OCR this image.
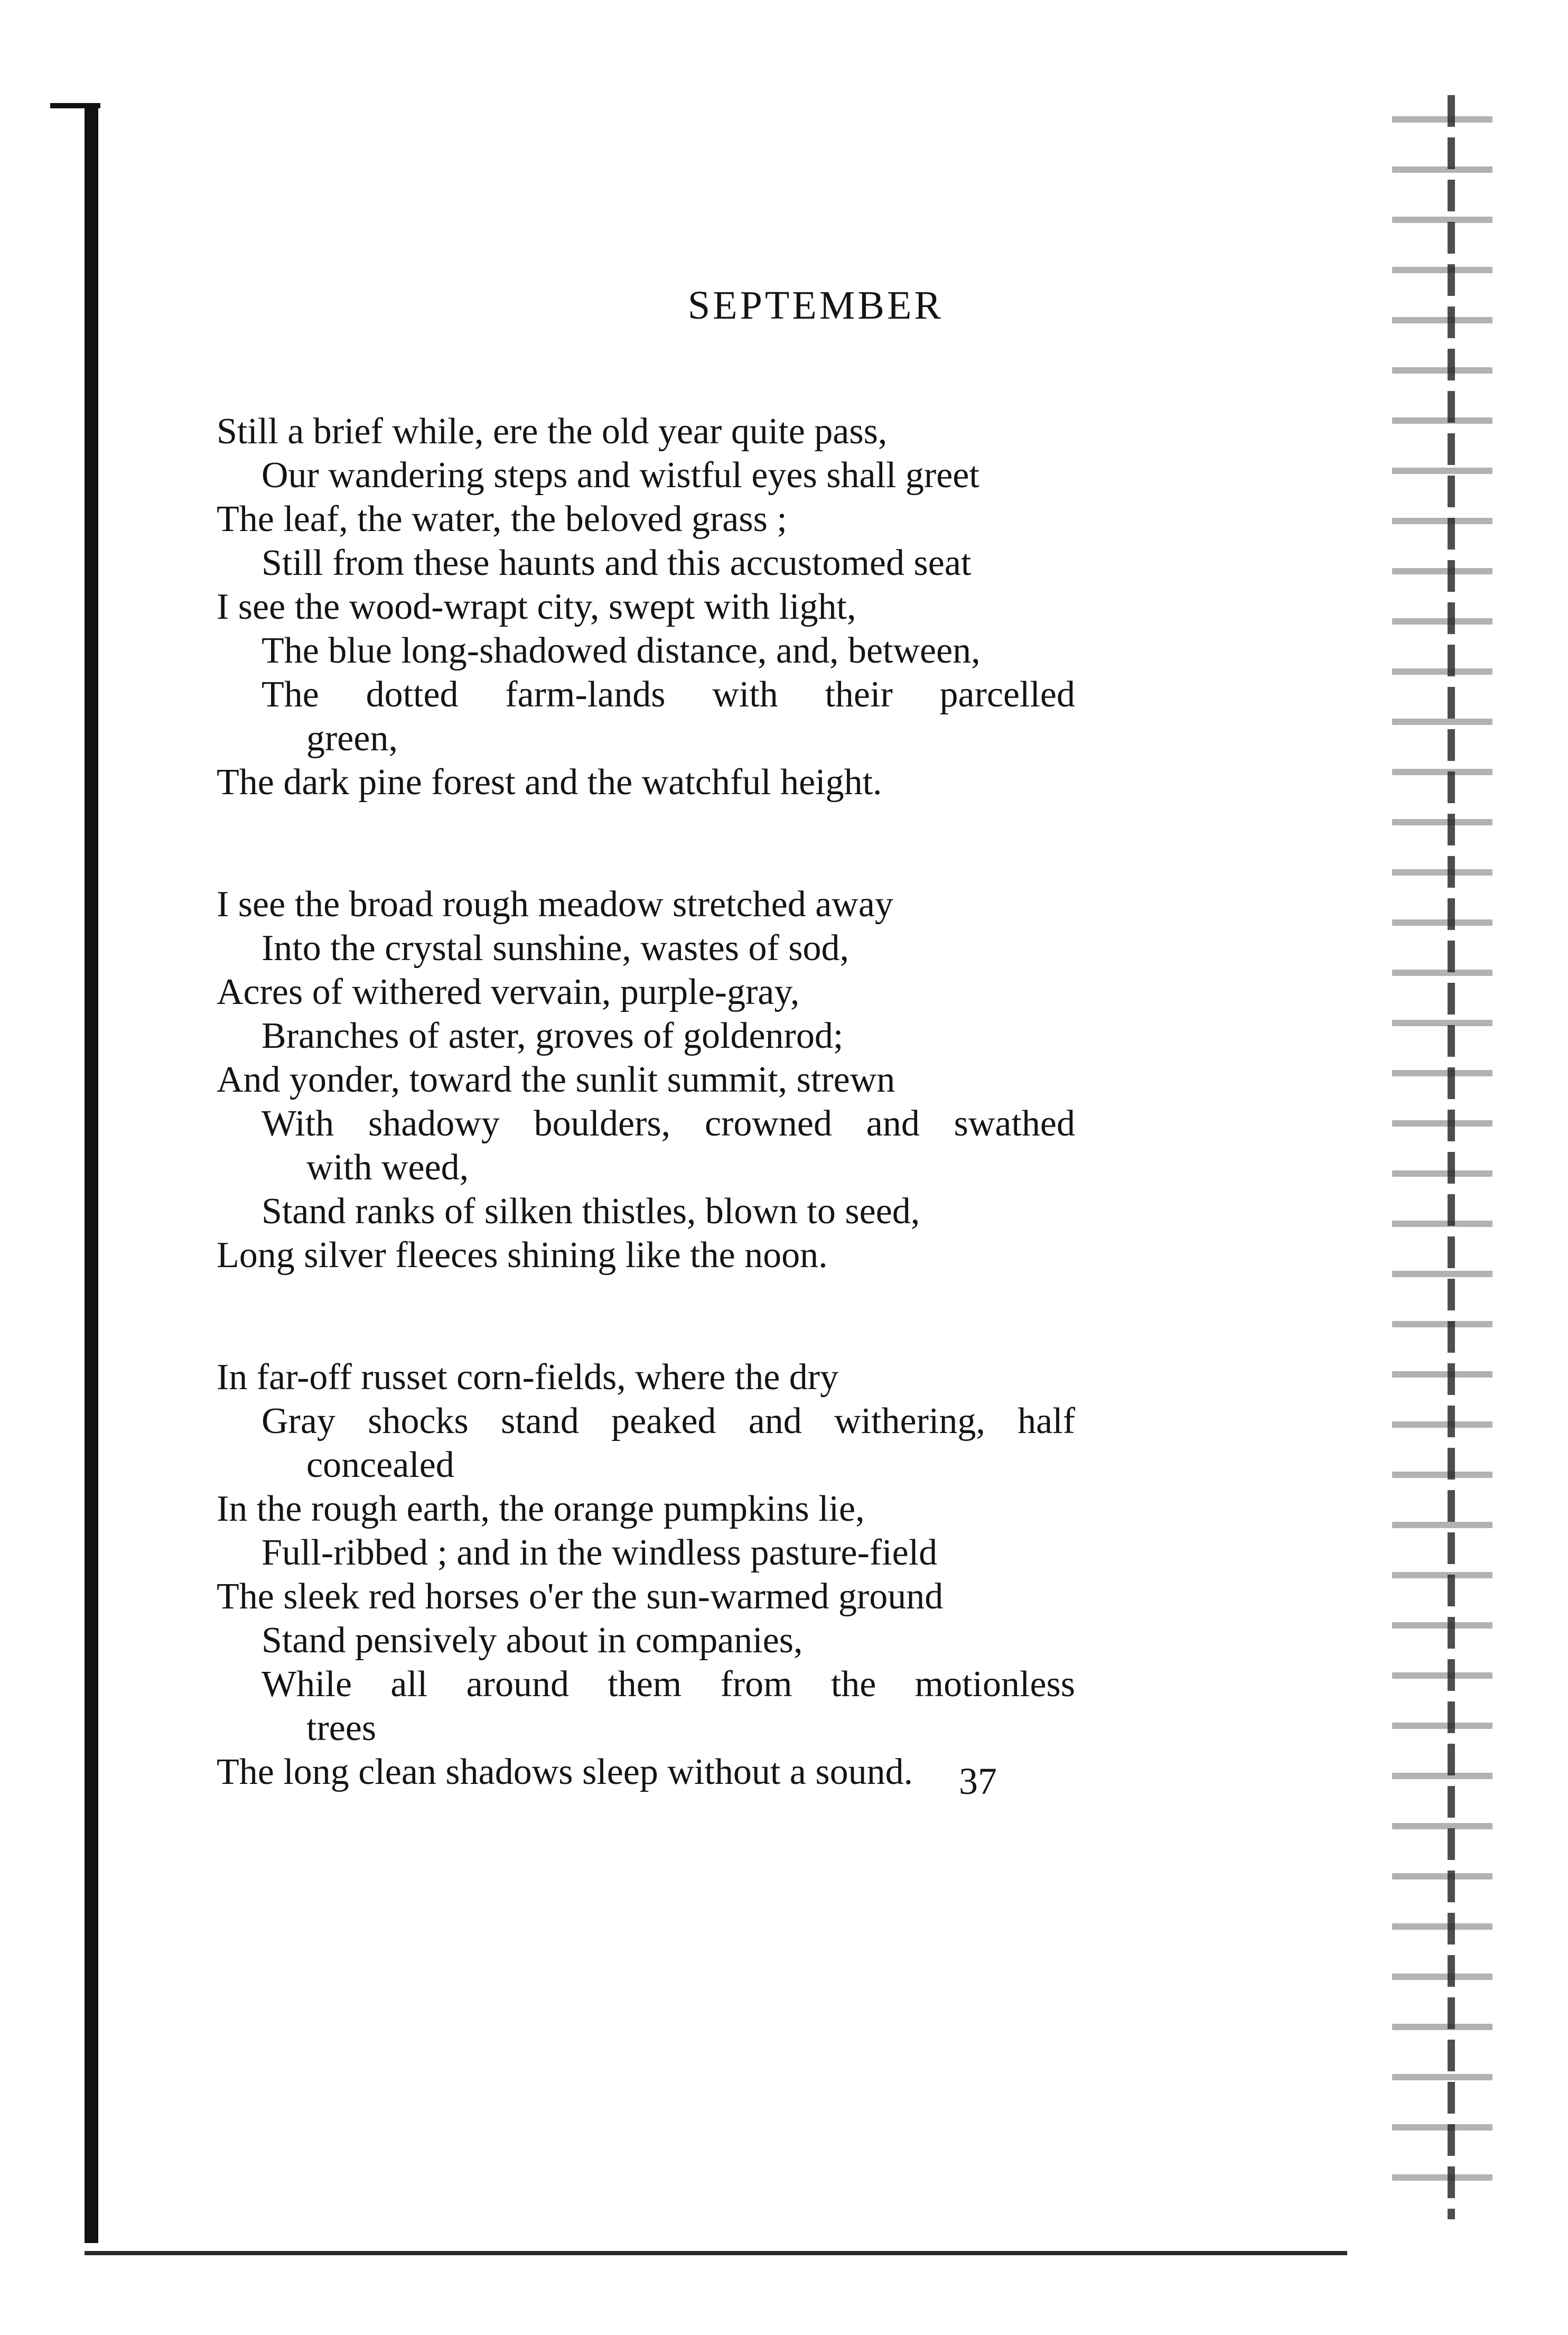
SEPTEMBER
Still a brief while, ere the old year quite pass,
Our wandering steps and wistful eyes shall greet
The leaf, the water, the beloved grass ;
Still from these haunts and this accustomed seat
I see the wood-wrapt city, swept with light,
The blue long-shadowed distance, and, between,
The dotted farm-lands with their parcelled
green,
The dark pine forest and the watchful height.
I see the broad rough meadow stretched away
Into the crystal sunshine, wastes of sod,
Acres of withered vervain, purple-gray,
Branches of aster, groves of goldenrod;
And yonder, toward the sunlit summit, strewn
With shadowy boulders, crowned and swathed
with weed,
Stand ranks of silken thistles, blown to seed,
Long silver fleeces shining like the noon.
In far-off russet corn-fields, where the dry
Gray shocks stand peaked and withering, half
concealed
In the rough earth, the orange pumpkins lie,
Full-ribbed ; and in the windless pasture-field
The sleek red horses o'er the sun-warmed ground
Stand pensively about in companies,
While all around them from the motionless
trees
The long clean shadows sleep without a sound.	37
